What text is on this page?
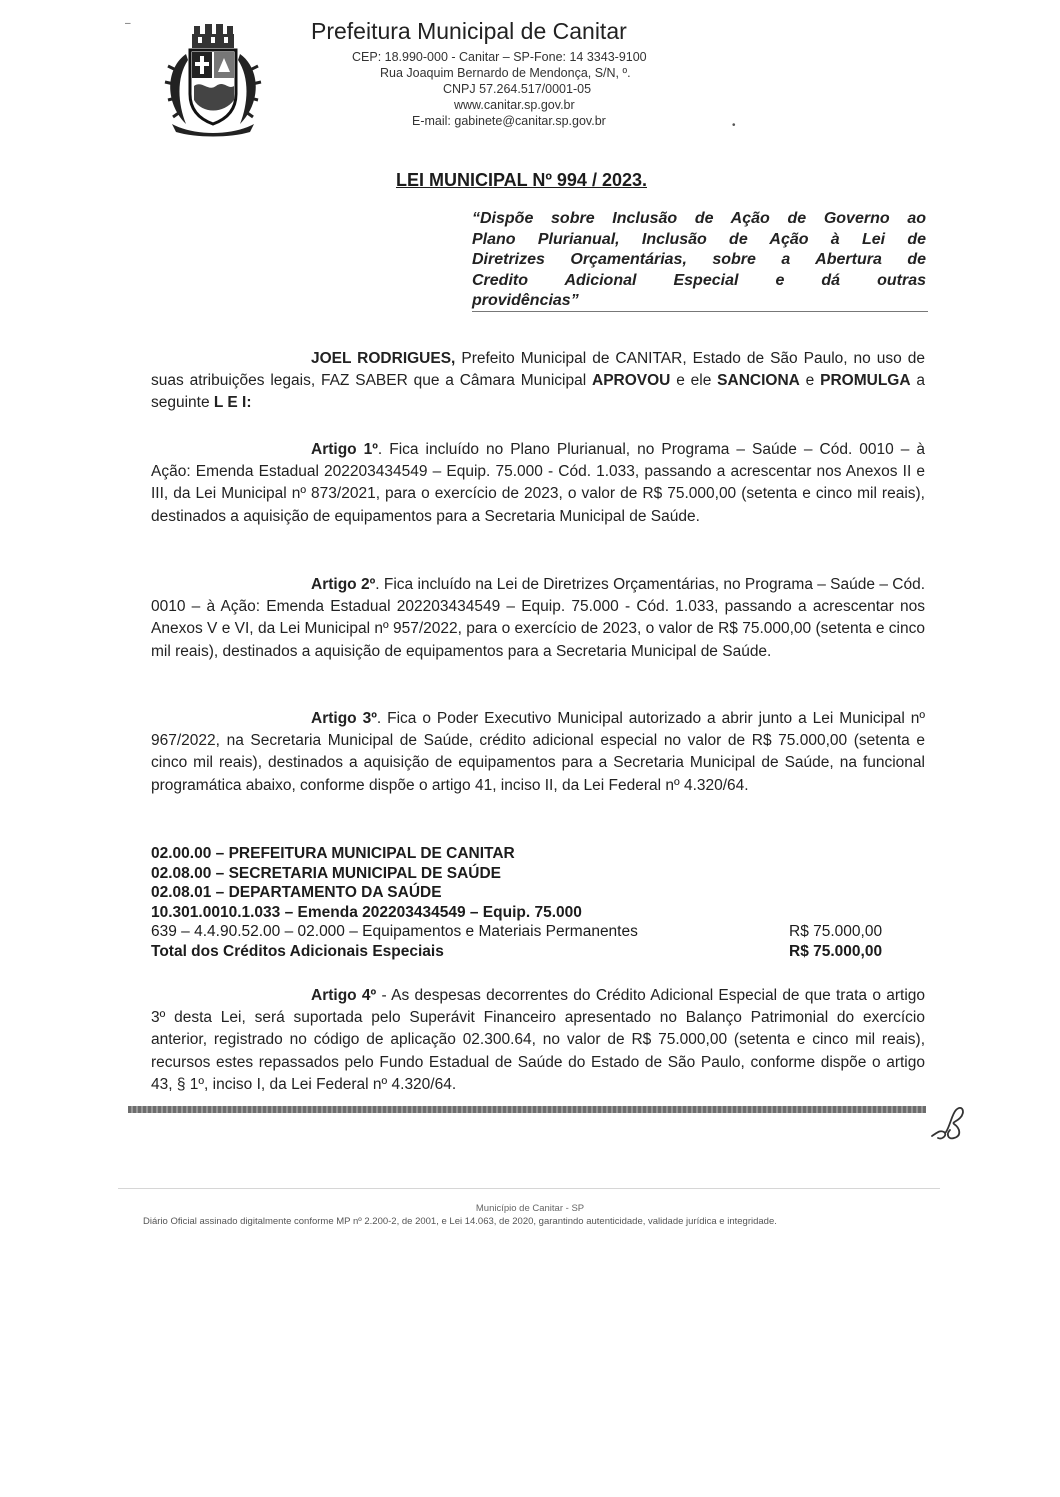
Prefeitura Municipal de Canitar
CEP: 18.990-000 - Canitar – SP-Fone: 14 3343-9100
Rua Joaquim Bernardo de Mendonça, S/N, º.
CNPJ 57.264.517/0001-05
www.canitar.sp.gov.br
E-mail: gabinete@canitar.sp.gov.br	•
–
LEI MUNICIPAL Nº 994 / 2023.
“Dispõe sobre Inclusão de Ação de Governo ao
Plano Plurianual, Inclusão de Ação à Lei de
Diretrizes Orçamentárias, sobre a Abertura de
Credito Adicional Especial e dá outras
providências”
JOEL RODRIGUES, Prefeito Municipal de CANITAR, Estado de São Paulo, no uso de suas atribuições legais, FAZ SABER que a Câmara Municipal APROVOU e ele SANCIONA e PROMULGA a seguinte L E I:
Artigo 1º. Fica incluído no Plano Plurianual, no Programa – Saúde – Cód. 0010 – à Ação: Emenda Estadual 202203434549 – Equip. 75.000 - Cód. 1.033, passando a acrescentar nos Anexos II e III, da Lei Municipal nº 873/2021, para o exercício de 2023, o valor de R$ 75.000,00 (setenta e cinco mil reais), destinados a aquisição de equipamentos para a Secretaria Municipal de Saúde.
Artigo 2º. Fica incluído na Lei de Diretrizes Orçamentárias, no Programa – Saúde – Cód. 0010 – à Ação: Emenda Estadual 202203434549 – Equip. 75.000 - Cód. 1.033, passando a acrescentar nos Anexos V e VI, da Lei Municipal nº 957/2022, para o exercício de 2023, o valor de R$ 75.000,00 (setenta e cinco mil reais), destinados a aquisição de equipamentos para a Secretaria Municipal de Saúde.
Artigo 3º. Fica o Poder Executivo Municipal autorizado a abrir junto a Lei Municipal nº 967/2022, na Secretaria Municipal de Saúde, crédito adicional especial no valor de R$ 75.000,00 (setenta e cinco mil reais), destinados a aquisição de equipamentos para a Secretaria Municipal de Saúde, na funcional programática abaixo, conforme dispõe o artigo 41, inciso II, da Lei Federal nº 4.320/64.
02.00.00 – PREFEITURA MUNICIPAL DE CANITAR
02.08.00 – SECRETARIA MUNICIPAL DE SAÚDE
02.08.01 – DEPARTAMENTO DA SAÚDE
10.301.0010.1.033 – Emenda 202203434549 – Equip. 75.000
639 – 4.4.90.52.00 – 02.000 – Equipamentos e Materiais Permanentes	R$ 75.000,00
Total dos Créditos Adicionais Especiais	R$ 75.000,00
Artigo 4º - As despesas decorrentes do Crédito Adicional Especial de que trata o artigo 3º desta Lei, será suportada pelo Superávit Financeiro apresentado no Balanço Patrimonial do exercício anterior, registrado no código de aplicação 02.300.64, no valor de R$ 75.000,00 (setenta e cinco mil reais), recursos estes repassados pelo Fundo Estadual de Saúde do Estado de São Paulo, conforme dispõe o artigo 43, § 1º, inciso I, da Lei Federal nº 4.320/64.
Município de Canitar - SP
Diário Oficial assinado digitalmente conforme MP nº 2.200-2, de 2001, e Lei 14.063, de 2020, garantindo autenticidade, validade jurídica e integridade.
